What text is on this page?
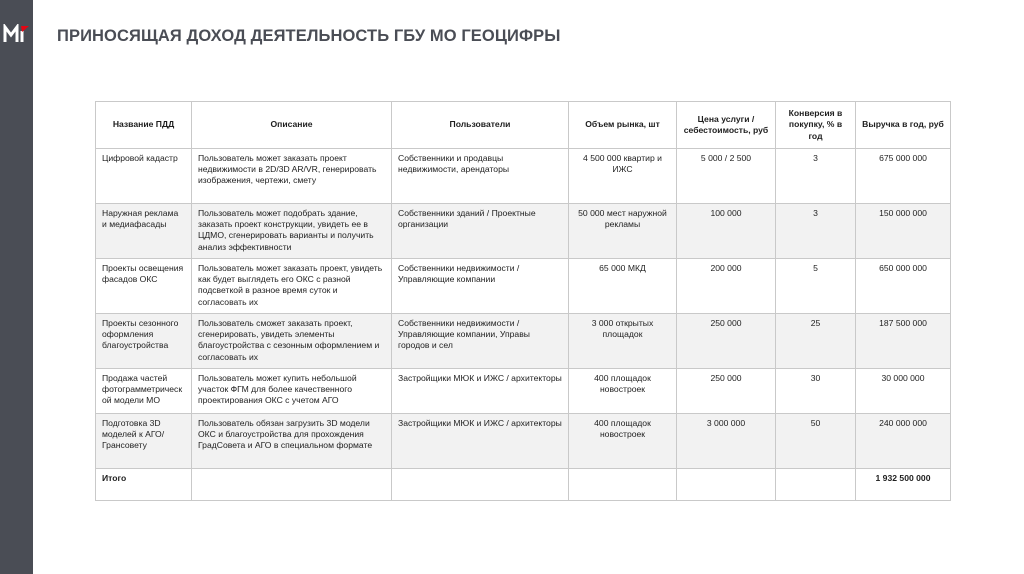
ПРИНОСЯЩАЯ ДОХОД ДЕЯТЕЛЬНОСТЬ ГБУ МО ГЕОЦИФРЫ
Название ПДД	Описание	Пользователи	Объем рынка, шт	Цена услуги / себестоимость, руб	Конверсия в покупку, % в год	Выручка в год, руб
Цифровой кадастр	Пользователь может заказать проект недвижимости в 2D/3D AR/VR, генерировать изображения, чертежи, смету	Собственники и продавцы недвижимости, арендаторы	4 500 000 квартир и ИЖС	5 000 / 2 500	3	675 000 000
Наружная реклама и медиафасады	Пользователь может подобрать здание, заказать проект конструкции, увидеть ее в ЦДМО, сгенерировать варианты и получить анализ эффективности	Собственники зданий / Проектные организации	50 000 мест наружной рекламы	100 000	3	150 000 000
Проекты освещения фасадов ОКС	Пользователь может заказать проект, увидеть как будет выглядеть его ОКС с разной подсветкой в разное время суток и согласовать их	Собственники недвижимости / Управляющие компании	65 000 МКД	200 000	5	650 000 000
Проекты сезонного оформления благоустройства	Пользователь сможет заказать проект, сгенерировать, увидеть элементы благоустройства с сезонным оформлением и согласовать их	Собственники недвижимости / Управляющие компании, Управы городов и сел	3 000 открытых площадок	250 000	25	187 500 000
Продажа частей фотограмметрической модели МО	Пользователь может купить небольшой участок ФГМ для более качественного проектирования ОКС с учетом АГО	Застройщики МЮК и ИЖС / архитекторы	400 площадок новостроек	250 000	30	30 000 000
Подготовка 3D моделей к АГО/Грансовету	Пользователь обязан загрузить 3D модели ОКС и благоустройства для прохождения ГрадСовета и АГО в специальном формате	Застройщики МЮК и ИЖС / архитекторы	400 площадок новостроек	3 000 000	50	240 000 000
Итого						1 932 500 000
